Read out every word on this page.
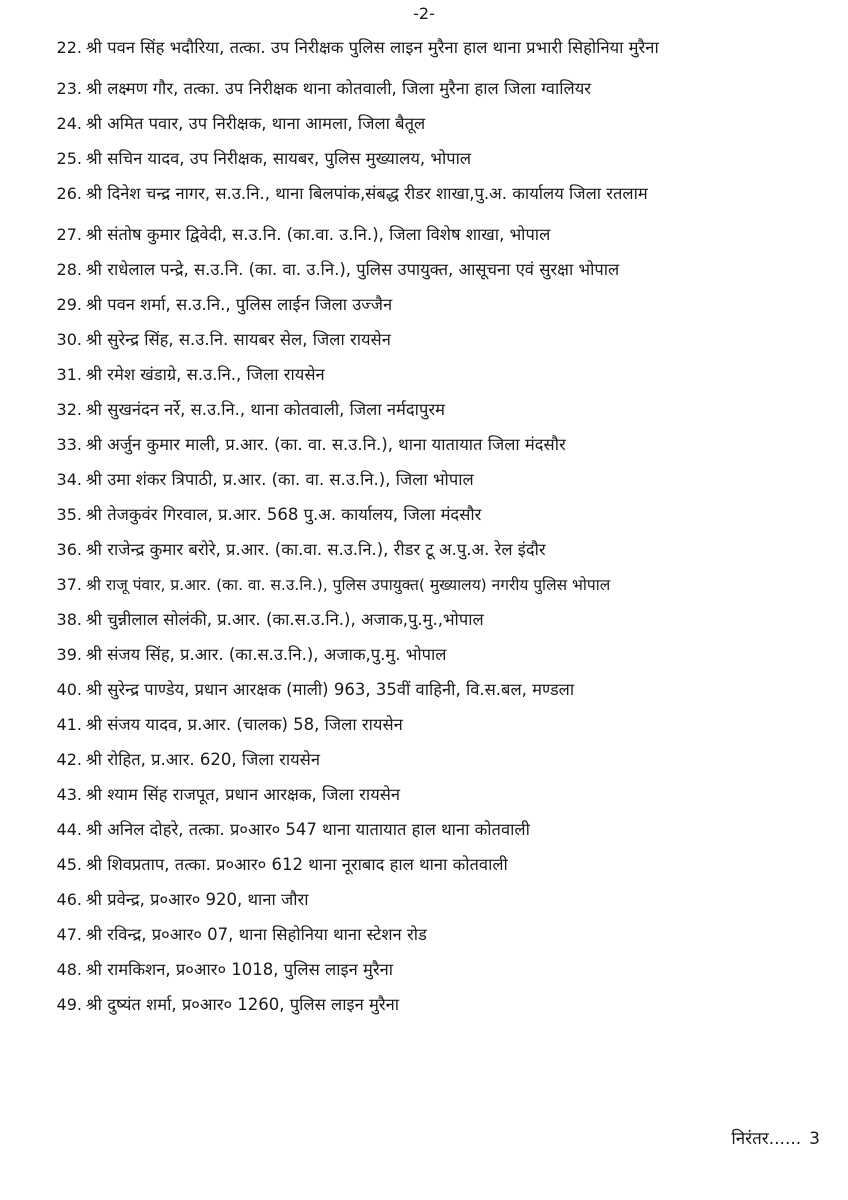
-2-
22. श्री पवन सिंह भदौरिया, तत्का. उप निरीक्षक पुलिस लाइन मुरैना हाल थाना प्रभारी सिहोनिया मुरैना
23. श्री लक्ष्मण गौर, तत्का. उप निरीक्षक थाना कोतवाली, जिला मुरैना हाल जिला ग्वालियर
24. श्री अमित पवार, उप निरीक्षक, थाना आमला, जिला बैतूल
25. श्री सचिन यादव, उप निरीक्षक, सायबर, पुलिस मुख्यालय, भोपाल
26. श्री दिनेश चन्द्र नागर, स.उ.नि., थाना बिलपांक,संबद्ध रीडर शाखा,पु.अ. कार्यालय जिला रतलाम
27. श्री संतोष कुमार द्विवेदी, स.उ.नि. (का.वा. उ.नि.), जिला विशेष शाखा, भोपाल
28. श्री राधेलाल पन्द्रे, स.उ.नि. (का. वा. उ.नि.), पुलिस उपायुक्त, आसूचना एवं सुरक्षा भोपाल
29. श्री पवन शर्मा, स.उ.नि., पुलिस लाईन जिला उज्जैन
30. श्री सुरेन्द्र सिंह, स.उ.नि. सायबर सेल, जिला रायसेन
31. श्री रमेश खंडाग्रे, स.उ.नि., जिला रायसेन
32. श्री सुखनंदन नर्रे, स.उ.नि., थाना कोतवाली, जिला नर्मदापुरम
33. श्री अर्जुन कुमार माली, प्र.आर. (का. वा. स.उ.नि.), थाना यातायात जिला मंदसौर
34. श्री उमा शंकर त्रिपाठी, प्र.आर. (का. वा. स.उ.नि.), जिला भोपाल
35. श्री तेजकुवंर गिरवाल, प्र.आर. 568 पु.अ. कार्यालय, जिला मंदसौर
36. श्री राजेन्द्र कुमार बरोरे, प्र.आर. (का.वा. स.उ.नि.), रीडर टू अ.पु.अ. रेल इंदौर
37. श्री राजू पंवार, प्र.आर. (का. वा. स.उ.नि.), पुलिस उपायुक्त( मुख्यालय) नगरीय पुलिस भोपाल
38. श्री चुन्नीलाल सोलंकी, प्र.आर. (का.स.उ.नि.), अजाक,पु.मु.,भोपाल
39. श्री संजय सिंह, प्र.आर. (का.स.उ.नि.), अजाक,पु.मु. भोपाल
40. श्री सुरेन्द्र पाण्डेय, प्रधान आरक्षक (माली) 963, 35वीं वाहिनी, वि.स.बल, मण्डला
41. श्री संजय यादव, प्र.आर. (चालक) 58, जिला रायसेन
42. श्री रोहित, प्र.आर. 620, जिला रायसेन
43. श्री श्याम सिंह राजपूत, प्रधान आरक्षक, जिला रायसेन
44. श्री अनिल दोहरे, तत्का. प्र०आर० 547 थाना यातायात हाल थाना कोतवाली
45. श्री शिवप्रताप, तत्का. प्र०आर० 612 थाना नूराबाद हाल थाना कोतवाली
46. श्री प्रवेन्द्र, प्र०आर० 920, थाना जौरा
47. श्री रविन्द्र, प्र०आर० 07, थाना सिहोनिया थाना स्टेशन रोड
48. श्री रामकिशन, प्र०आर० 1018, पुलिस लाइन मुरैना
49. श्री दुष्यंत शर्मा, प्र०आर० 1260, पुलिस लाइन मुरैना
निरंतर...... 3
